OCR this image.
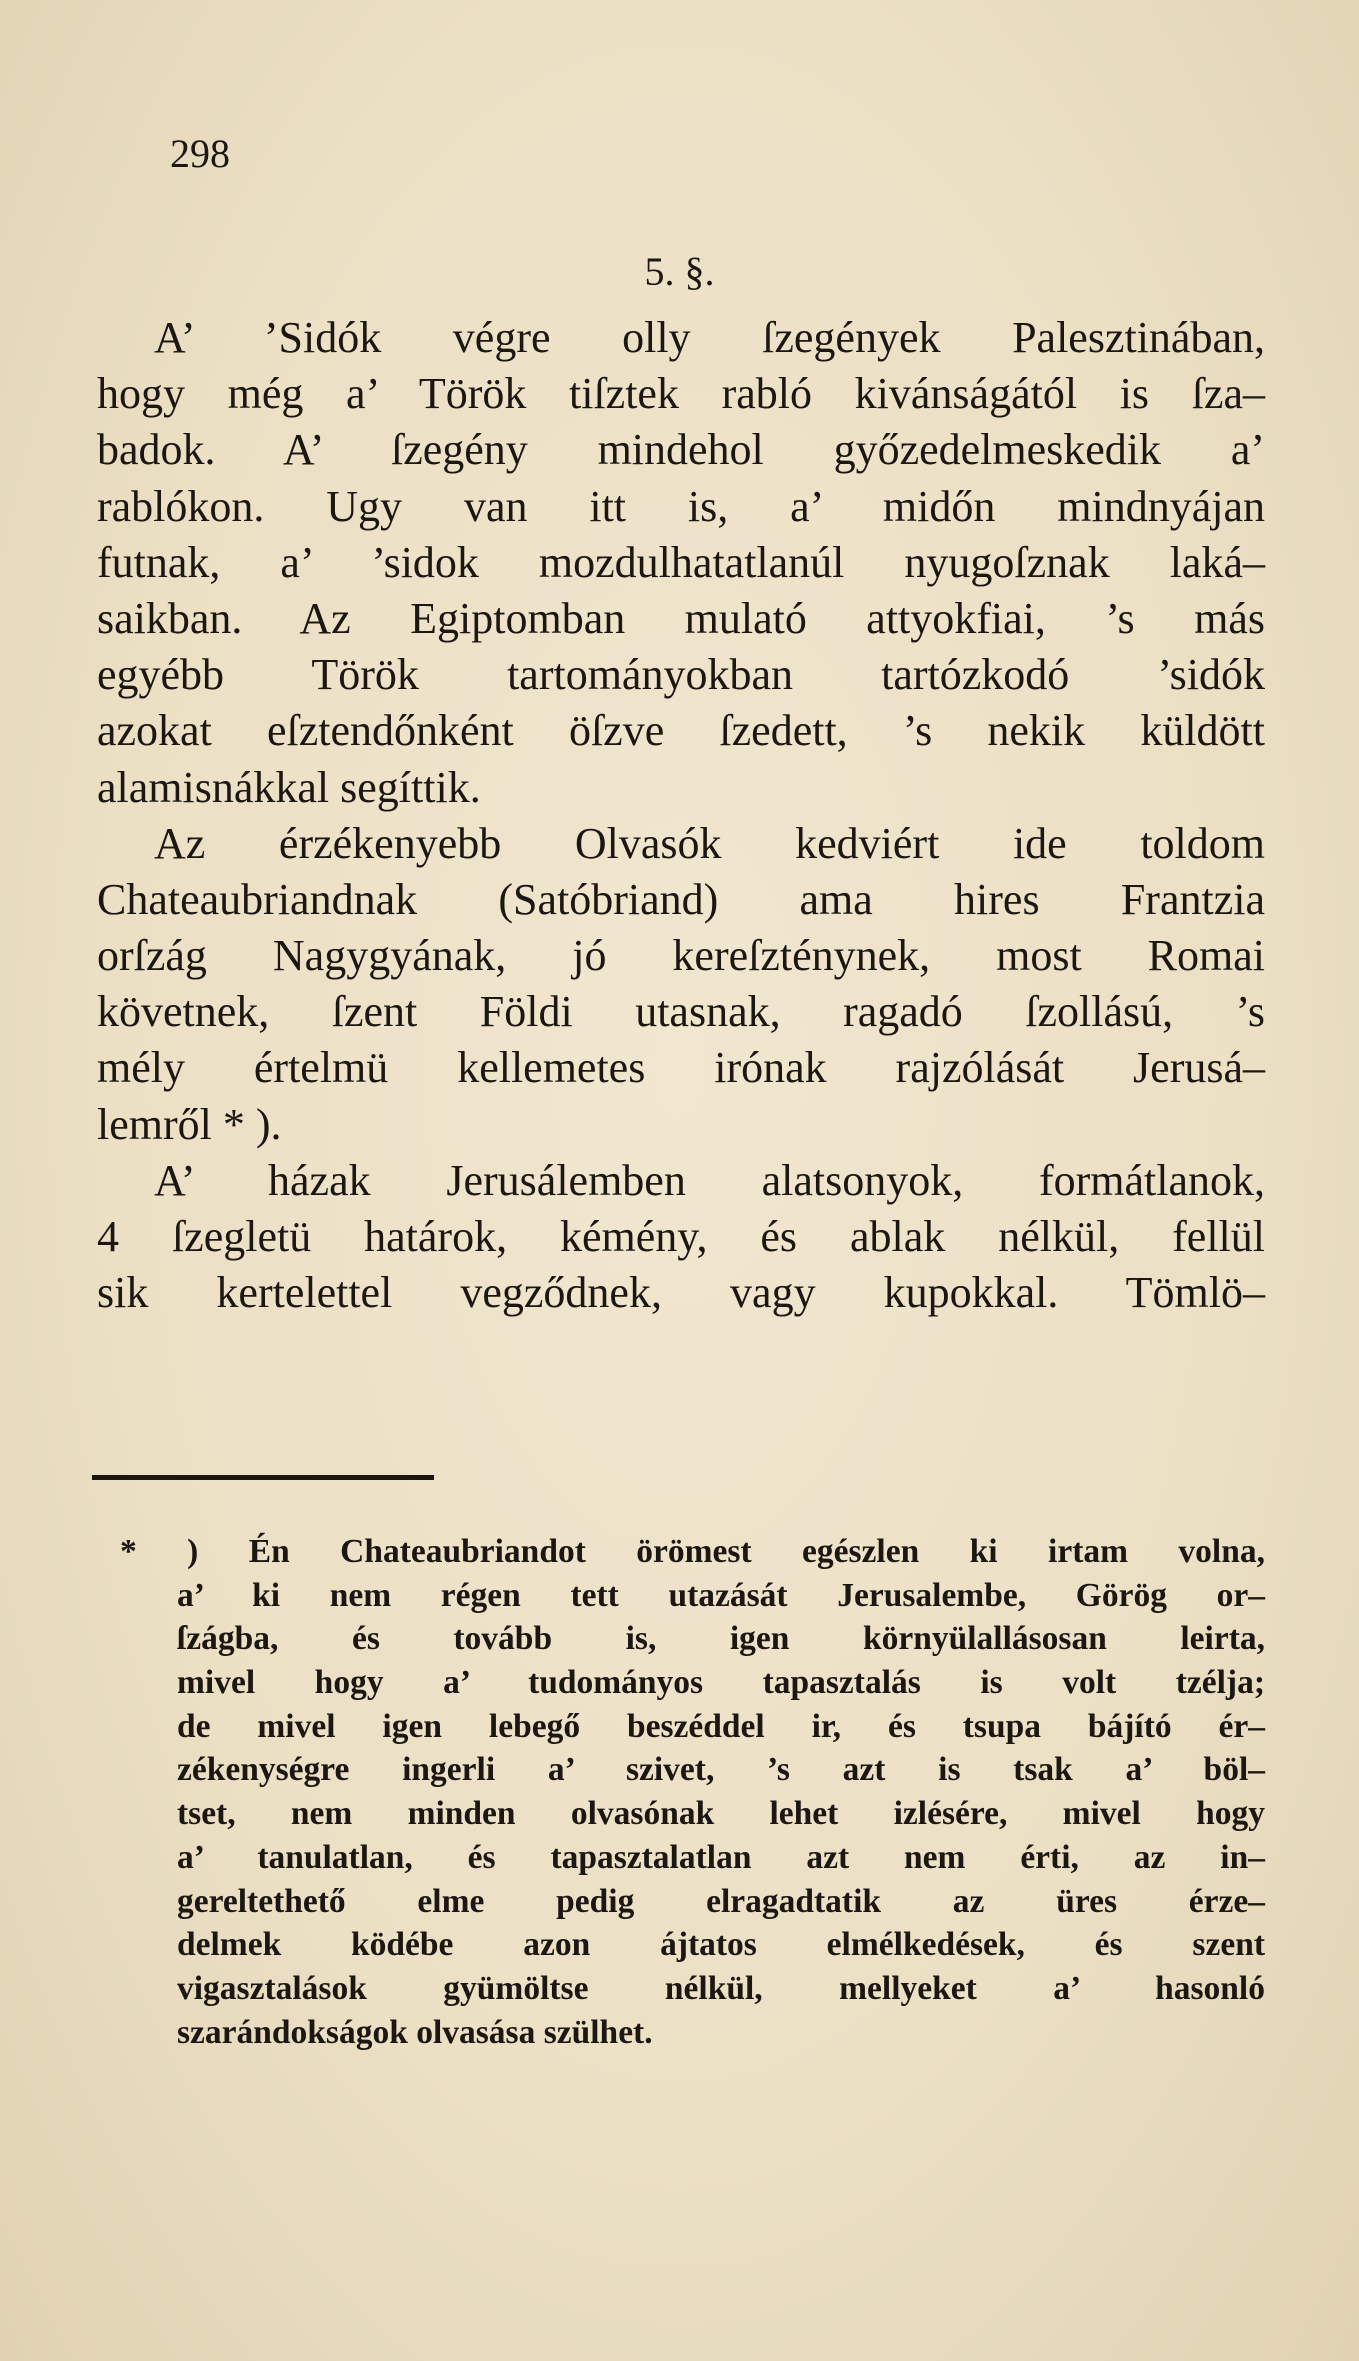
298
5. §.
A’ ’Sidók végre olly ſzegények Palesztinában,
hogy még a’ Török tiſztek rabló kivánságától is ſza–
badok. A’ ſzegény mindehol győzedelmeskedik a’
rablókon. Ugy van itt is, a’ midőn mindnyájan
futnak, a’ ’sidok mozdulhatatlanúl nyugoſznak laká–
saikban. Az Egiptomban mulató attyokfiai, ’s más
egyébb Török tartományokban tartózkodó ’sidók
azokat eſztendőnként öſzve ſzedett, ’s nekik küldött
alamisnákkal segíttik.
Az érzékenyebb Olvasók kedviért ide toldom
Chateaubriandnak (Satóbriand) ama hires Frantzia
orſzág Nagygyának, jó kereſzténynek, most Romai
követnek, ſzent Földi utasnak, ragadó ſzollású, ’s
mély értelmü kellemetes irónak rajzólását Jerusá–
lemről * ).
A’ házak Jerusálemben alatsonyok, formátlanok,
4 ſzegletü határok, kémény, és ablak nélkül, fellül
sik kertelettel vegződnek, vagy kupokkal. Tömlö–
* ) Én Chateaubriandot örömest egészlen ki irtam volna,
a’ ki nem régen tett utazását Jerusalembe, Görög or–
ſzágba, és tovább is, igen környülallásosan leirta,
mivel hogy a’ tudományos tapasztalás is volt tzélja;
de mivel igen lebegő beszéddel ir, és tsupa bájító ér–
zékenységre ingerli a’ szivet, ’s azt is tsak a’ böl–
tset, nem minden olvasónak lehet izlésére, mivel hogy
a’ tanulatlan, és tapasztalatlan azt nem érti, az in–
gereltethető elme pedig elragadtatik az üres érze–
delmek ködébe azon ájtatos elmélkedések, és szent
vigasztalások gyümöltse nélkül, mellyeket a’ hasonló
szarándokságok olvasása szülhet.
